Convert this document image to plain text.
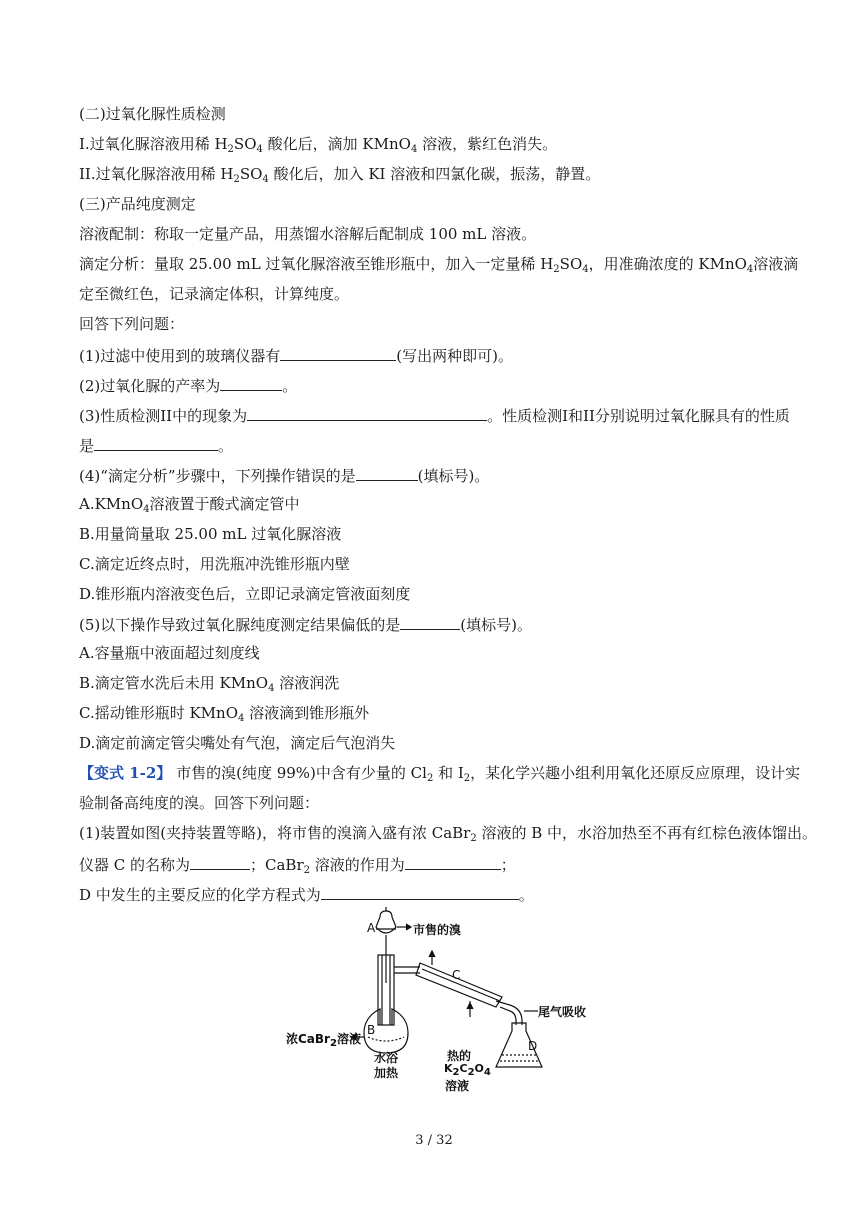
(二)过氧化脲性质检测
I.过氧化脲溶液用稀 $H_2SO_4$ 酸化后，滴加 KMnO$_4$ 溶液，紫红色消失。
II.过氧化脲溶液用稀 $H_2SO_4$ 酸化后，加入 KI 溶液和四氯化碳，振荡，静置。
(三)产品纯度测定
溶液配制：称取一定量产品，用蒸馏水溶解后配制成 100 mL 溶液。
滴定分析：量取 25.00 mL 过氧化脲溶液至锥形瓶中，加入一定量稀 $H_2SO_4$，用准确浓度的 KMnO$_4$溶液滴
定至微红色，记录滴定体积，计算纯度。
回答下列问题：
(1)过滤中使用到的玻璃仪器有	(写出两种即可)。
(2)过氧化脲的产率为	。
(3)性质检测II中的现象为	。性质检测I和II分别说明过氧化脲具有的性质
是	。
(4)“滴定分析”步骤中，下列操作错误的是	(填标号)。
A.KMnO$_4$溶液置于酸式滴定管中
B.用量筒量取 25.00 mL 过氧化脲溶液
C.滴定近终点时，用洗瓶冲洗锥形瓶内壁
D.锥形瓶内溶液变色后，立即记录滴定管液面刻度
(5)以下操作导致过氧化脲纯度测定结果偏低的是	(填标号)。
A.容量瓶中液面超过刻度线
B.滴定管水洗后未用 KMnO$_4$ 溶液润洗
C.摇动锥形瓶时 KMnO$_4$ 溶液滴到锥形瓶外
D.滴定前滴定管尖嘴处有气泡，滴定后气泡消失
【变式 1-2】 市售的溴(纯度 99%)中含有少量的 $Cl_2$ 和 $I_2$，某化学兴趣小组利用氧化还原反应原理，设计实
验制备高纯度的溴。回答下列问题：
(1)装置如图(夹持装置等略)，将市售的溴滴入盛有浓 CaBr$_2$ 溶液的 B 中，水浴加热至不再有红棕色液体馏出。
仪器 C 的名称为	；CaBr$_2$ 溶液的作用为	；
D 中发生的主要反应的化学方程式为	。
A	市售的溴
C
尾气吸收
浓CaBr$_2$溶液
B
水浴
加热
热的
$K_2C_2O_4$
溶液
D
3 / 32
